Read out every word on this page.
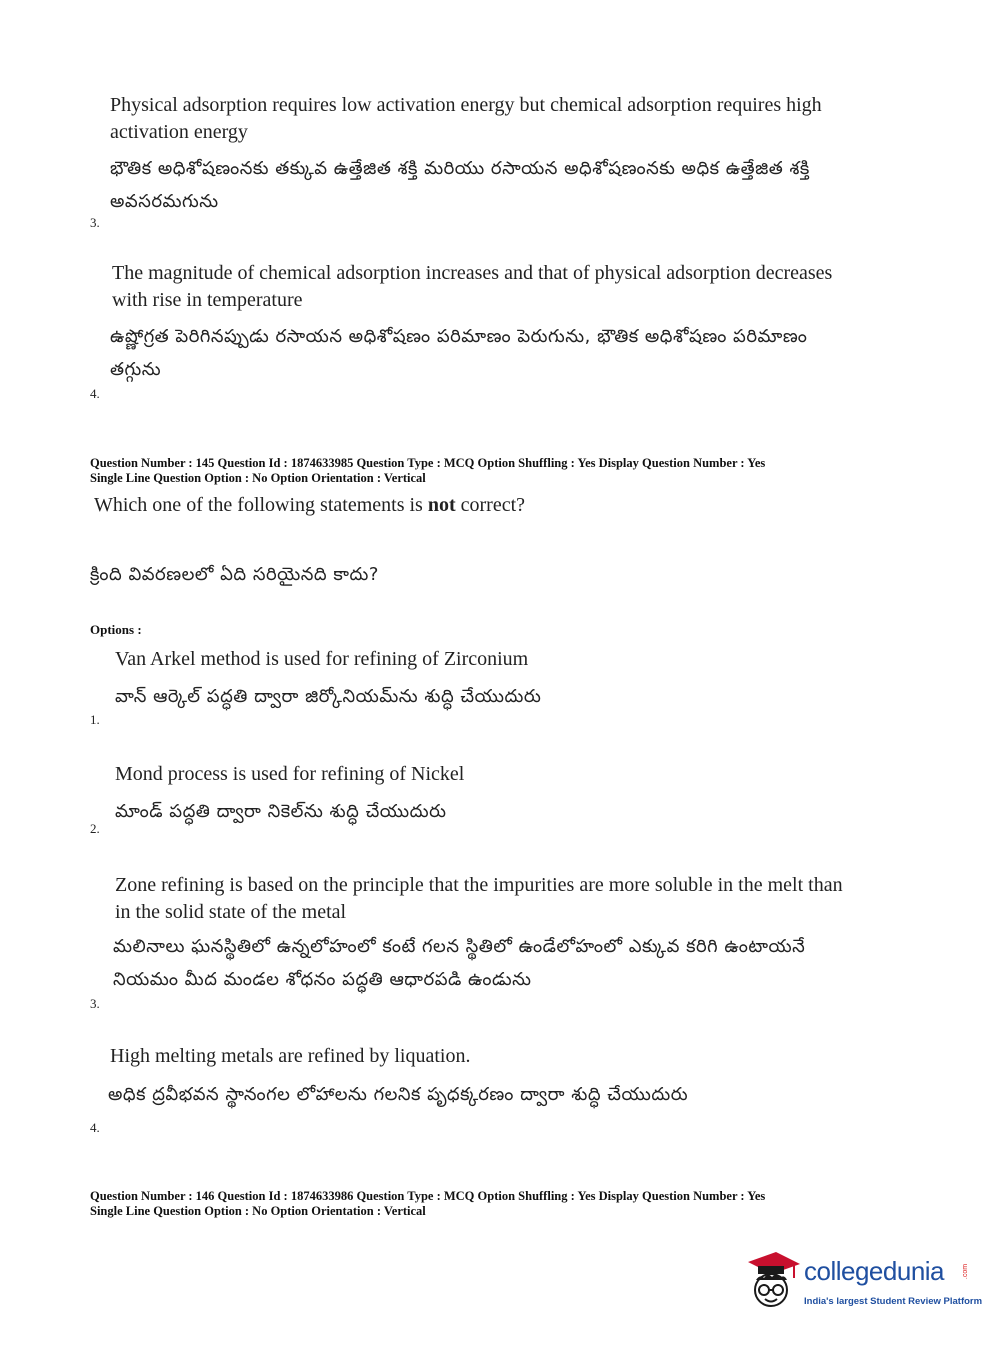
Physical adsorption requires low activation energy but chemical adsorption requires high activation energy
భౌతిక అధిశోషణంనకు తక్కువ ఉత్తేజిత శక్తి మరియు రసాయన అధిశోషణంనకు అధిక ఉత్తేజిత శక్తి అవసరమగును
3.
The magnitude of chemical adsorption increases and that of physical adsorption decreases with rise in temperature
ఉష్ణోగ్రత పెరిగినప్పుడు రసాయన అధిశోషణం పరిమాణం పెరుగును, భౌతిక అధిశోషణం పరిమాణం తగ్గును
4.
Question Number : 145 Question Id : 1874633985 Question Type : MCQ Option Shuffling : Yes Display Question Number : Yes
Single Line Question Option : No Option Orientation : Vertical
Which one of the following statements is not correct?
క్రింది వివరణలలో ఏది సరియైనది కాదు?
Options :
Van Arkel method is used for refining of Zirconium
వాన్ ఆర్కెల్ పద్ధతి ద్వారా జిర్కోనియమ్‌ను శుద్ధి చేయుదురు
1.
Mond process is used for refining of Nickel
మాండ్ పద్ధతి ద్వారా నికెల్‌ను శుద్ధి చేయుదురు
2.
Zone refining is based on the principle that the impurities are more soluble in the melt than in the solid state of the metal
మలినాలు ఘనస్థితిలో ఉన్నలోహంలో కంటే గలన స్థితిలో ఉండేలోహంలో ఎక్కువ కరిగి ఉంటాయనే నియమం మీద మండల శోధనం పద్ధతి ఆధారపడి ఉండును
3.
High melting metals are refined by liquation.
అధిక ద్రవీభవన స్థానంగల లోహాలను గలనిక పృధక్కరణం ద్వారా శుద్ధి చేయుదురు
4.
Question Number : 146 Question Id : 1874633986 Question Type : MCQ Option Shuffling : Yes Display Question Number : Yes
Single Line Question Option : No Option Orientation : Vertical
collegedunia	.com
India's largest Student Review Platform
